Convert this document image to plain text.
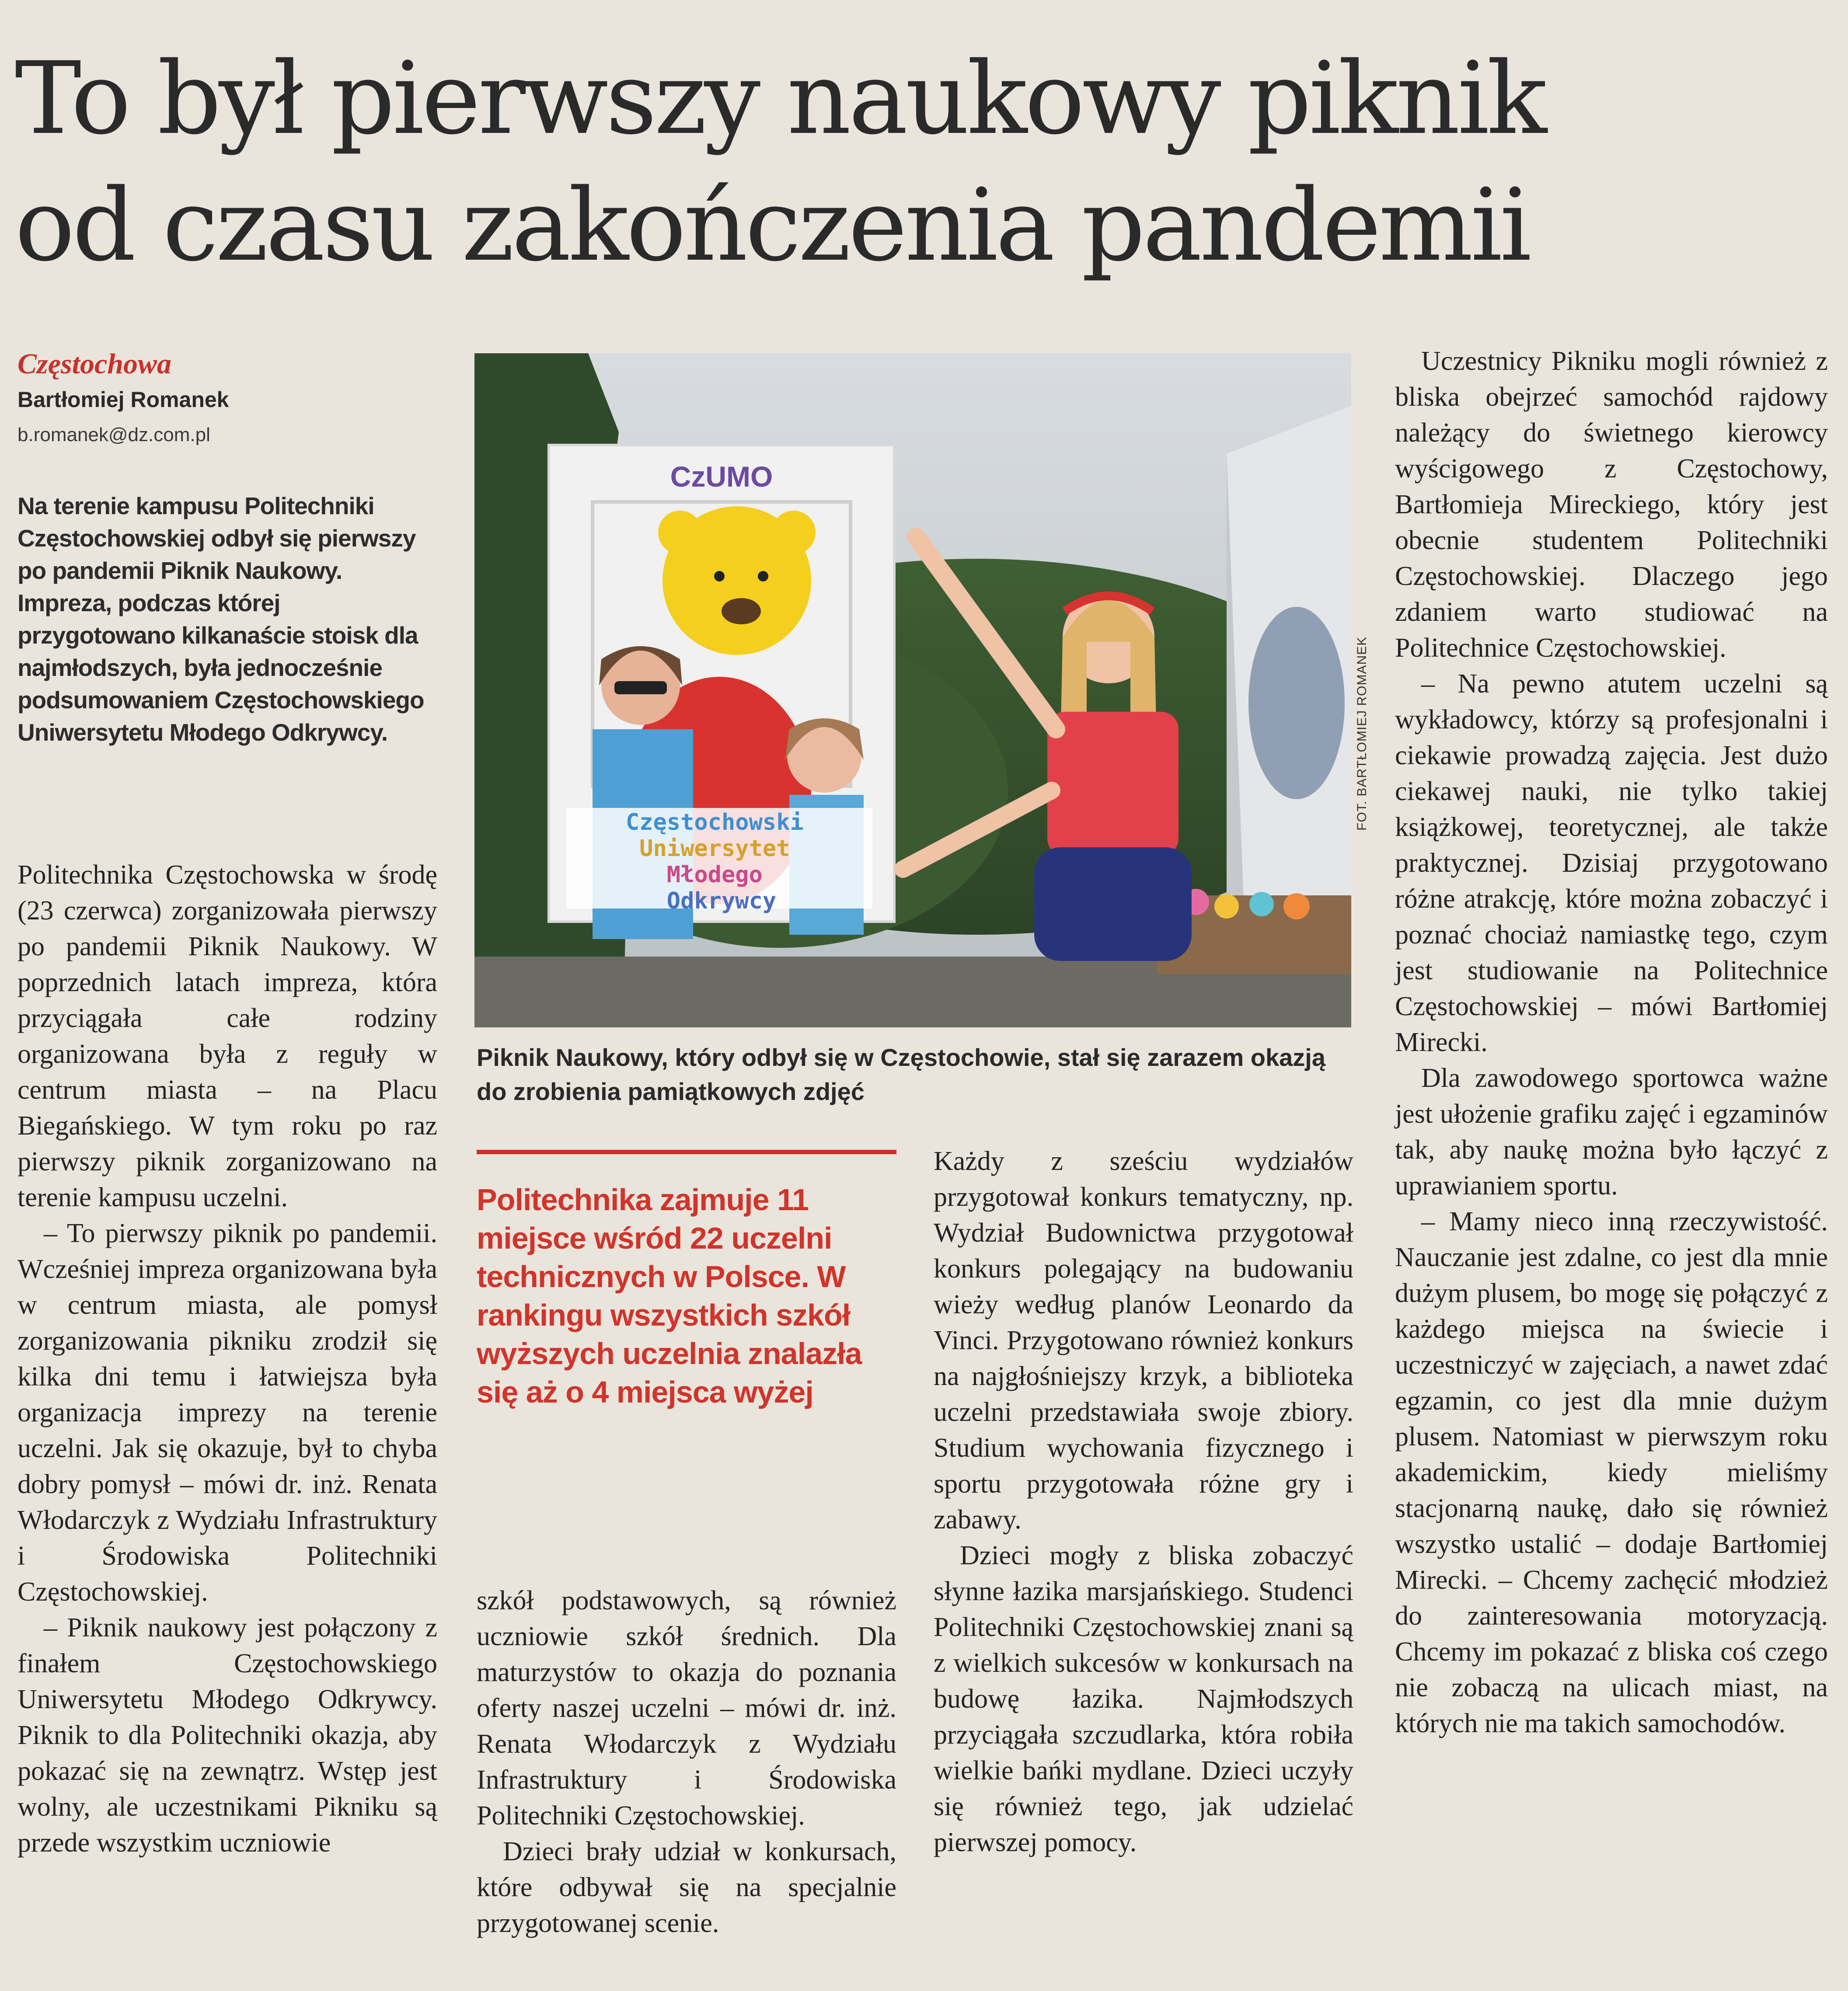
To był pierwszy naukowy piknik
od czasu zakończenia pandemii
Częstochowa
Bartłomiej Romanek
b.romanek@dz.com.pl
Na terenie kampusu Politechniki Częstochowskiej odbył się pierwszy po pandemii Piknik Naukowy. Impreza, podczas której przygotowano kilkanaście stoisk dla najmłodszych, była jednocześnie podsumowaniem Częstochowskiego Uniwersytetu Młodego Odkrywcy.

Politechnika Częstochowska w środę (23 czerwca) zorganizowała pierwszy po pandemii Piknik Naukowy. W poprzednich latach impreza, która przyciągała całe rodziny organizowana była z reguły w centrum miasta – na Placu Biegańskiego. W tym roku po raz pierwszy piknik zorganizowano na terenie kampusu uczelni.

– To pierwszy piknik po pandemii. Wcześniej impreza organizowana była w centrum miasta, ale pomysł zorganizowania pikniku zrodził się kilka dni temu i łatwiejsza była organizacja imprezy na terenie uczelni. Jak się okazuje, był to chyba dobry pomysł – mówi dr. inż. Renata Włodarczyk z Wydziału Infrastruktury i Środowiska Politechniki Częstochowskiej.

– Piknik naukowy jest połączony z finałem Częstochowskiego Uniwersytetu Młodego Odkrywcy. Piknik to dla Politechniki okazja, aby pokazać się na zewnątrz. Wstęp jest wolny, ale uczestnikami Pikniku są przede wszystkim uczniowie

CzUMO
Częstochowski Uniwersytet Młodego Odkrywcy
FOT. BARTŁOMIEJ ROMANEK
Piknik Naukowy, który odbył się w Częstochowie, stał się zarazem okazją do zrobienia pamiątkowych zdjęć
Politechnika zajmuje 11 miejsce wśród 22 uczelni technicznych w Polsce. W rankingu wszystkich szkół wyższych uczelnia znalazła się aż o 4 miejsca wyżej

szkół podstawowych, są również uczniowie szkół średnich. Dla maturzystów to okazja do poznania oferty naszej uczelni – mówi dr. inż. Renata Włodarczyk z Wydziału Infrastruktury i Środowiska Politechniki Częstochowskiej.

Dzieci brały udział w konkursach, które odbywał się na specjalnie przygotowanej scenie.

Każdy z sześciu wydziałów przygotował konkurs tematyczny, np. Wydział Budownictwa przygotował konkurs polegający na budowaniu wieży według planów Leonardo da Vinci. Przygotowano również konkurs na najgłośniejszy krzyk, a biblioteka uczelni przedstawiała swoje zbiory. Studium wychowania fizycznego i sportu przygotowała różne gry i zabawy.

Dzieci mogły z bliska zobaczyć słynne łazika marsjańskiego. Studenci Politechniki Częstochowskiej znani są z wielkich sukcesów w konkursach na budowę łazika. Najmłodszych przyciągała szczudlarka, która robiła wielkie bańki mydlane. Dzieci uczyły się również tego, jak udzielać pierwszej pomocy.

Uczestnicy Pikniku mogli również z bliska obejrzeć samochód rajdowy należący do świetnego kierowcy wyścigowego z Częstochowy, Bartłomieja Mireckiego, który jest obecnie studentem Politechniki Częstochowskiej. Dlaczego jego zdaniem warto studiować na Politechnice Częstochowskiej.

– Na pewno atutem uczelni są wykładowcy, którzy są profesjonalni i ciekawie prowadzą zajęcia. Jest dużo ciekawej nauki, nie tylko takiej książkowej, teoretycznej, ale także praktycznej. Dzisiaj przygotowano różne atrakcję, które można zobaczyć i poznać chociaż namiastkę tego, czym jest studiowanie na Politechnice Częstochowskiej – mówi Bartłomiej Mirecki.

Dla zawodowego sportowca ważne jest ułożenie grafiku zajęć i egzaminów tak, aby naukę można było łączyć z uprawianiem sportu.

– Mamy nieco inną rzeczywistość. Nauczanie jest zdalne, co jest dla mnie dużym plusem, bo mogę się połączyć z każdego miejsca na świecie i uczestniczyć w zajęciach, a nawet zdać egzamin, co jest dla mnie dużym plusem. Natomiast w pierwszym roku akademickim, kiedy mieliśmy stacjonarną naukę, dało się również wszystko ustalić – dodaje Bartłomiej Mirecki. – Chcemy zachęcić młodzież do zainteresowania motoryzacją. Chcemy im pokazać z bliska coś czego nie zobaczą na ulicach miast, na których nie ma takich samochodów.
